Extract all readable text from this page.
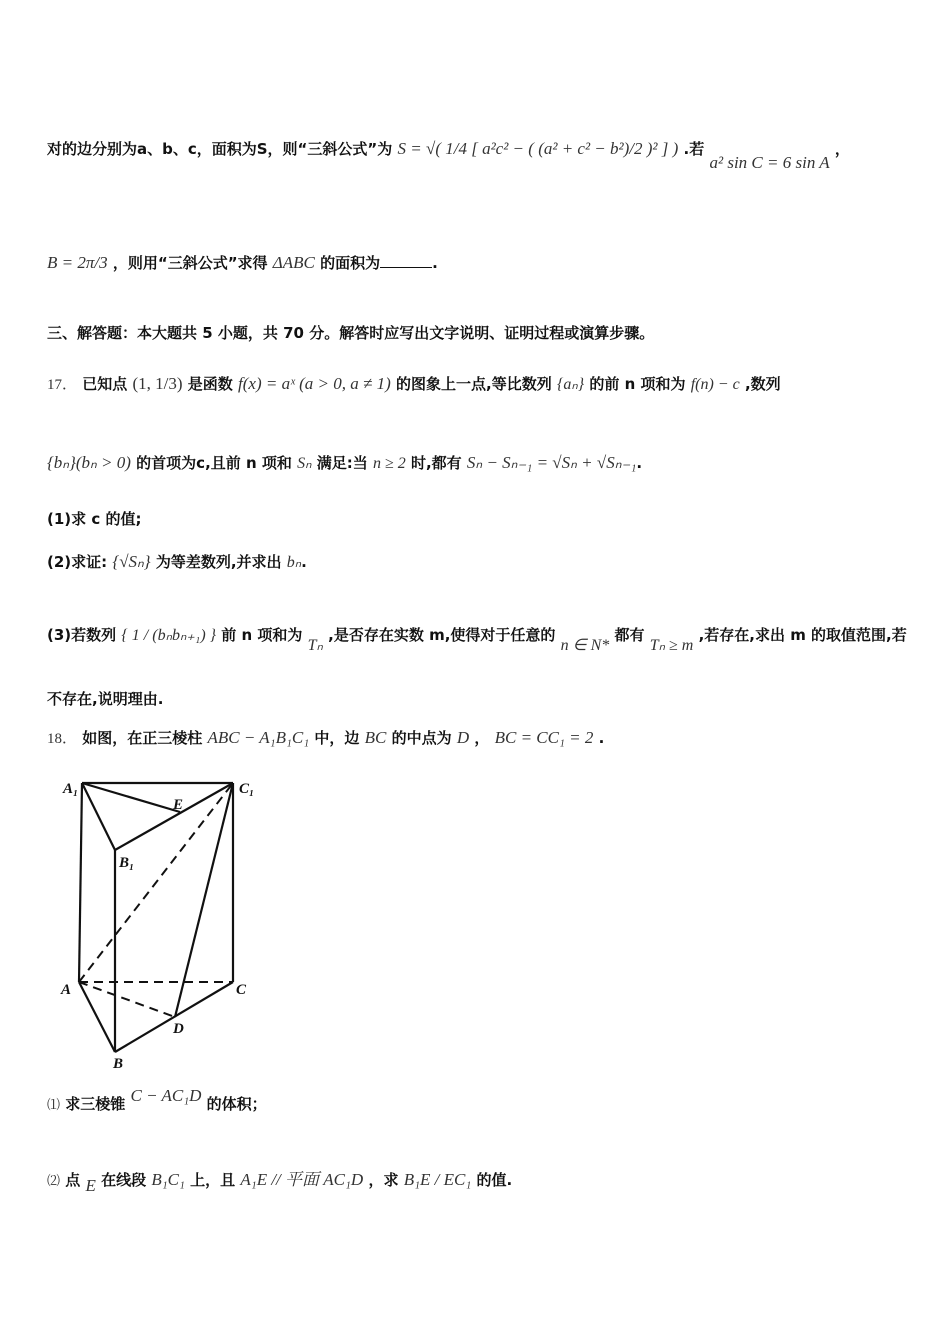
对的边分别为a、b、c，面积为S，则“三斜公式”为 S = √( 1/4 [ a²c² − ( (a² + c² − b²)/2 )² ] ) .若 a² sin C = 6 sin A ，
B = 2π/3 ，则用“三斜公式”求得 ΔABC 的面积为	.
三、解答题：本大题共 5 小题，共 70 分。解答时应写出文字说明、证明过程或演算步骤。
17． 已知点 (1, 1/3) 是函数 f(x) = aˣ (a > 0, a ≠ 1) 的图象上一点,等比数列 {aₙ} 的前 n 项和为 f(n) − c ,数列
{bₙ}(bₙ > 0) 的首项为c,且前 n 项和 Sₙ 满足:当 n ≥ 2 时,都有 Sₙ − Sₙ₋₁ = √Sₙ + √Sₙ₋₁.
(1)求 c 的值;
(2)求证: {√Sₙ} 为等差数列,并求出 bₙ.
(3)若数列 { 1 / (bₙbₙ₊₁) } 前 n 项和为 Tₙ ,是否存在实数 m,使得对于任意的 n ∈ N* 都有 Tₙ ≥ m ,若存在,求出 m 的取值范围,若
不存在,说明理由.
18． 如图，在正三棱柱 ABC − A₁B₁C₁ 中，边 BC 的中点为 D ， BC = CC₁ = 2 .
A₁	C₁
E
B₁
A	C
D
B
⑴ 求三棱锥 C − AC₁D 的体积；
⑵ 点 E 在线段 B₁C₁ 上，且 A₁E // 平面 AC₁D ，求 B₁E / EC₁ 的值.
